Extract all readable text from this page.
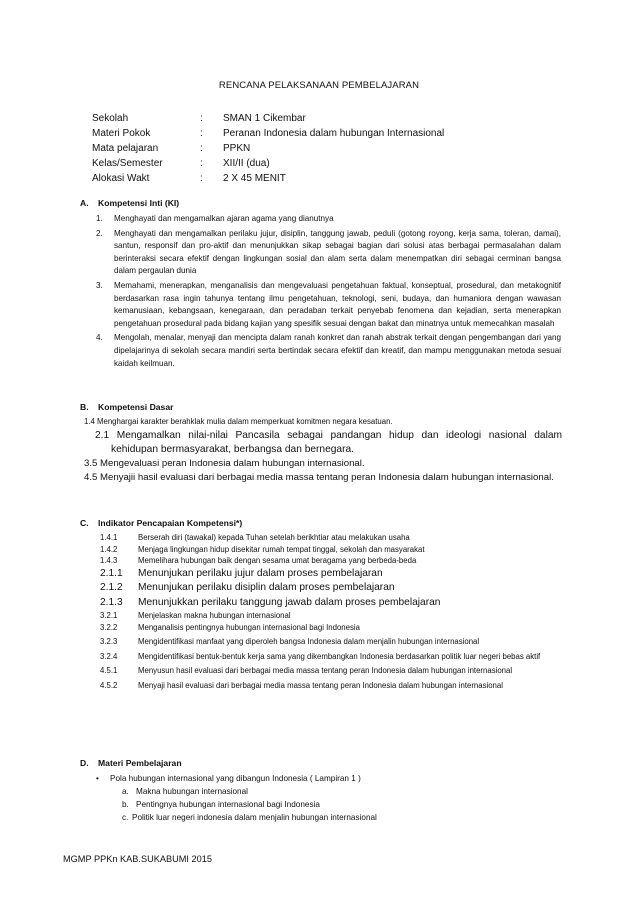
RENCANA PELAKSANAAN PEMBELAJARAN
Sekolah	:	SMAN 1 Cikembar
Materi Pokok	:	Peranan Indonesia dalam hubungan Internasional
Mata pelajaran	:	PPKN
Kelas/Semester	:	XII/II (dua)
Alokasi Wakt	:	2 X 45 MENIT
A. Kompetensi Inti (KI)
1.	Menghayati dan mengamalkan ajaran agama yang dianutnya
2.	Menghayati dan mengamalkan perilaku jujur, disiplin, tanggung jawab, peduli (gotong royong, kerja sama, toleran, damai), santun, responsif dan pro-aktif dan menunjukkan sikap sebagai bagian dari solusi atas berbagai permasalahan dalam berinteraksi secara efektif dengan lingkungan sosial dan alam serta dalam menempatkan diri sebagai cerminan bangsa dalam pergaulan dunia
3.	Memahami, menerapkan, menganalisis dan mengevaluasi pengetahuan faktual, konseptual, prosedural, dan metakognitif berdasarkan rasa ingin tahunya tentang ilmu pengetahuan, teknologi, seni, budaya, dan humaniora dengan wawasan kemanusiaan, kebangsaan, kenegaraan, dan peradaban terkait penyebab fenomena dan kejadian, serta menerapkan pengetahuan prosedural pada bidang kajian yang spesifik sesuai dengan bakat dan minatnya untuk memecahkan masalah
4.	Mengolah, menalar, menyaji dan mencipta dalam ranah konkret dan ranah abstrak terkait dengan pengembangan dari yang dipelajarinya di sekolah secara mandiri serta bertindak secara efektif dan kreatif, dan mampu menggunakan metoda sesuai kaidah keilmuan.
B. Kompetensi Dasar
1.4 Menghargai karakter berahklak mulia dalam memperkuat komitmen negara kesatuan.
2.1 Mengamalkan nilai-nilai Pancasila sebagai pandangan hidup dan ideologi nasional dalam kehidupan bermasyarakat, berbangsa dan bernegara.
3.5 Mengevaluasi peran Indonesia dalam hubungan internasional.
4.5 Menyajii hasil evaluasi dari berbagai media massa tentang peran Indonesia dalam hubungan internasional.
C. Indikator Pencapaian Kompetensi*)
1.4.1	Berserah diri (tawakal) kepada Tuhan setelah berikhtiar atau melakukan usaha
1.4.2	Menjaga lingkungan hidup disekitar rumah tempat tinggal, sekolah dan masyarakat
1.4.3	Memelihara hubungan baik dengan sesama umat beragama yang berbeda-beda
2.1.1	Menunjukan perilaku jujur dalam proses pembelajaran
2.1.2	Menunjukan perilaku disiplin dalam proses pembelajaran
2.1.3	Menunjukkan perilaku tanggung jawab dalam proses pembelajaran
3.2.1	Menjelaskan makna hubungan internasional
3.2.2	Menganalisis pentingnya hubungan internasional bagi Indonesia
3.2.3	Mengidentifikasi manfaat yang diperoleh bangsa Indonesia dalam menjalin hubungan internasional
3.2.4	Mengidentifikasi bentuk-bentuk kerja sama yang dikembangkan Indonesia berdasarkan politik luar negeri bebas aktif
4.5.1	Menyusun hasil evaluasi dari berbagai media massa tentang peran Indonesia dalam hubungan internasional
4.5.2	Menyaji hasil evaluasi dari berbagai media massa tentang peran Indonesia dalam hubungan internasional
D. Materi Pembelajaran
•	Pola hubungan internasional yang dibangun Indonesia ( Lampiran 1 )
a. Makna hubungan internasional
b. Pentingnya hubungan internasional bagi Indonesia
c. Politik luar negeri indonesia dalam menjalin hubungan internasional
MGMP PPKn KAB.SUKABUMI 2015
